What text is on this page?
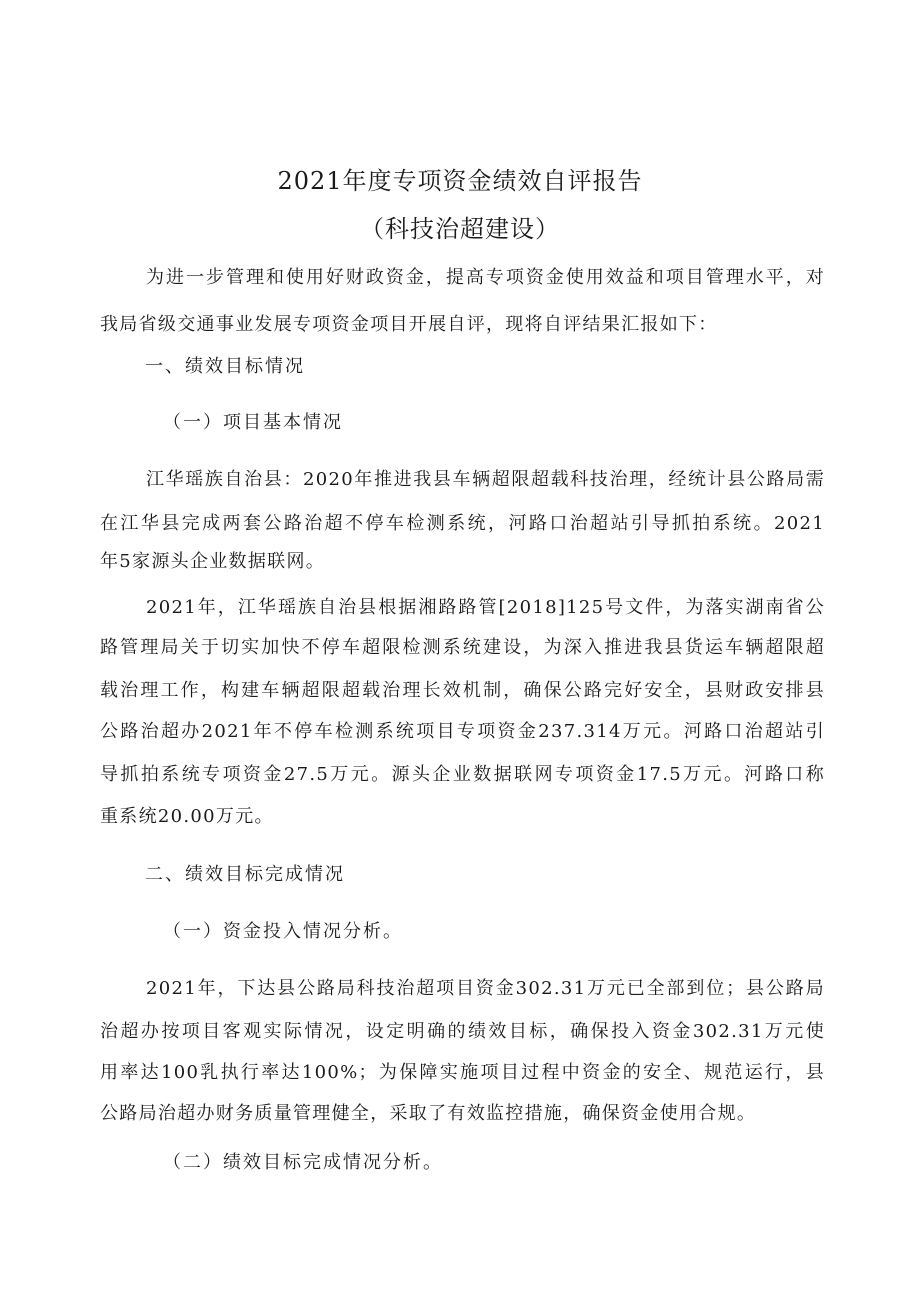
2021年度专项资金绩效自评报告
（科技治超建设）
为进一步管理和使用好财政资金，提高专项资金使用效益和项目管理水平，对
我局省级交通事业发展专项资金项目开展自评，现将自评结果汇报如下：
一、绩效目标情况
（一）项目基本情况
江华瑶族自治县：2020年推进我县车辆超限超载科技治理，经统计县公路局需
在江华县完成两套公路治超不停车检测系统，河路口治超站引导抓拍系统。2021
年5家源头企业数据联网。
2021年，江华瑶族自治县根据湘路路管[2018]125号文件，为落实湖南省公
路管理局关于切实加快不停车超限检测系统建设，为深入推进我县货运车辆超限超
载治理工作，构建车辆超限超载治理长效机制，确保公路完好安全，县财政安排县
公路治超办2021年不停车检测系统项目专项资金237.314万元。河路口治超站引
导抓拍系统专项资金27.5万元。源头企业数据联网专项资金17.5万元。河路口称
重系统20.00万元。
二、绩效目标完成情况
（一）资金投入情况分析。
2021年，下达县公路局科技治超项目资金302.31万元已全部到位；县公路局
治超办按项目客观实际情况，设定明确的绩效目标，确保投入资金302.31万元使
用率达100乳执行率达100%；为保障实施项目过程中资金的安全、规范运行，县
公路局治超办财务质量管理健全，采取了有效监控措施，确保资金使用合规。
（二）绩效目标完成情况分析。
